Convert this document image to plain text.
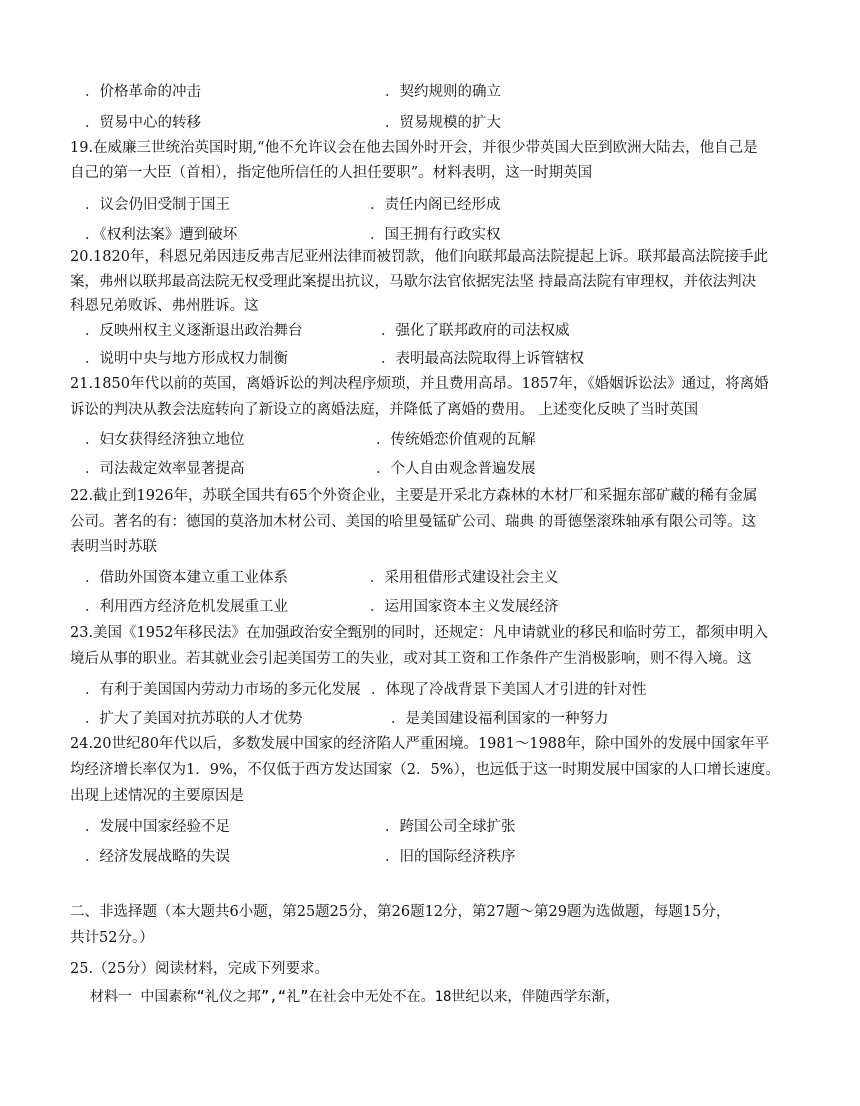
．价格革命的冲击	．契约规则的确立
．贸易中心的转移	．贸易规模的扩大
19.在威廉三世统治英国时期,“他不允许议会在他去国外时开会，并很少带英国大臣到欧洲大陆去，他自己是
自己的第一大臣（首相），指定他所信任的人担任要职”。材料表明，这一时期英国
．议会仍旧受制于国王	．责任内阁已经形成
．《权利法案》遭到破坏	．国王拥有行政实权
20.1820年，科恩兄弟因违反弗吉尼亚州法律而被罚款，他们向联邦最高法院提起上诉。联邦最高法院接手此
案，弗州以联邦最高法院无权受理此案提出抗议，马歇尔法官依据宪法坚 持最高法院有审理权，并依法判决
科恩兄弟败诉、弗州胜诉。这
．反映州权主义逐渐退出政治舞台	．强化了联邦政府的司法权威
．说明中央与地方形成权力制衡	．表明最高法院取得上诉管辖权
21.1850年代以前的英国，离婚诉讼的判决程序烦琐，并且费用高昂。1857年，《婚姻诉讼法》通过，将离婚
诉讼的判决从教会法庭转向了新设立的离婚法庭，并降低了离婚的费用。 上述变化反映了当时英国
．妇女获得经济独立地位	．传统婚恋价值观的瓦解
．司法裁定效率显著提高	．个人自由观念普遍发展
22.截止到1926年，苏联全国共有65个外资企业，主要是开采北方森林的木材厂和采掘东部矿藏的稀有金属
公司。著名的有：德国的莫洛加木材公司、美国的哈里曼锰矿公司、瑞典 的哥德堡滚珠轴承有限公司等。这
表明当时苏联
．借助外国资本建立重工业体系	．采用租借形式建设社会主义
．利用西方经济危机发展重工业	．运用国家资本主义发展经济
23.美国《1952年移民法》在加强政治安全甄别的同时，还规定：凡申请就业的移民和临时劳工，都须申明入
境后从事的职业。若其就业会引起美国劳工的失业，或对其工资和工作条件产生消极影响，则不得入境。这
．有利于美国国内劳动力市场的多元化发展 ．体现了冷战背景下美国人才引进的针对性
．扩大了美国对抗苏联的人才优势	．是美国建设福利国家的一种努力
24.20世纪80年代以后，多数发展中国家的经济陷人严重困境。1981～1988年，除中国外的发展中国家年平
均经济增长率仅为1．9%，不仅低于西方发达国家（2．5%），也远低于这一时期发展中国家的人口增长速度。
出现上述情况的主要原因是
．发展中国家经验不足	．跨国公司全球扩张
．经济发展战略的失误	．旧的国际经济秩序
二、非选择题（本大题共6小题，第25题25分，第26题12分，第27题～第29题为选做题，每题15分，
共计52分。）
25.（25分）阅读材料，完成下列要求。
材料一 中国素称“礼仪之邦”,“礼”在社会中无处不在。18世纪以来，伴随西学东渐，
